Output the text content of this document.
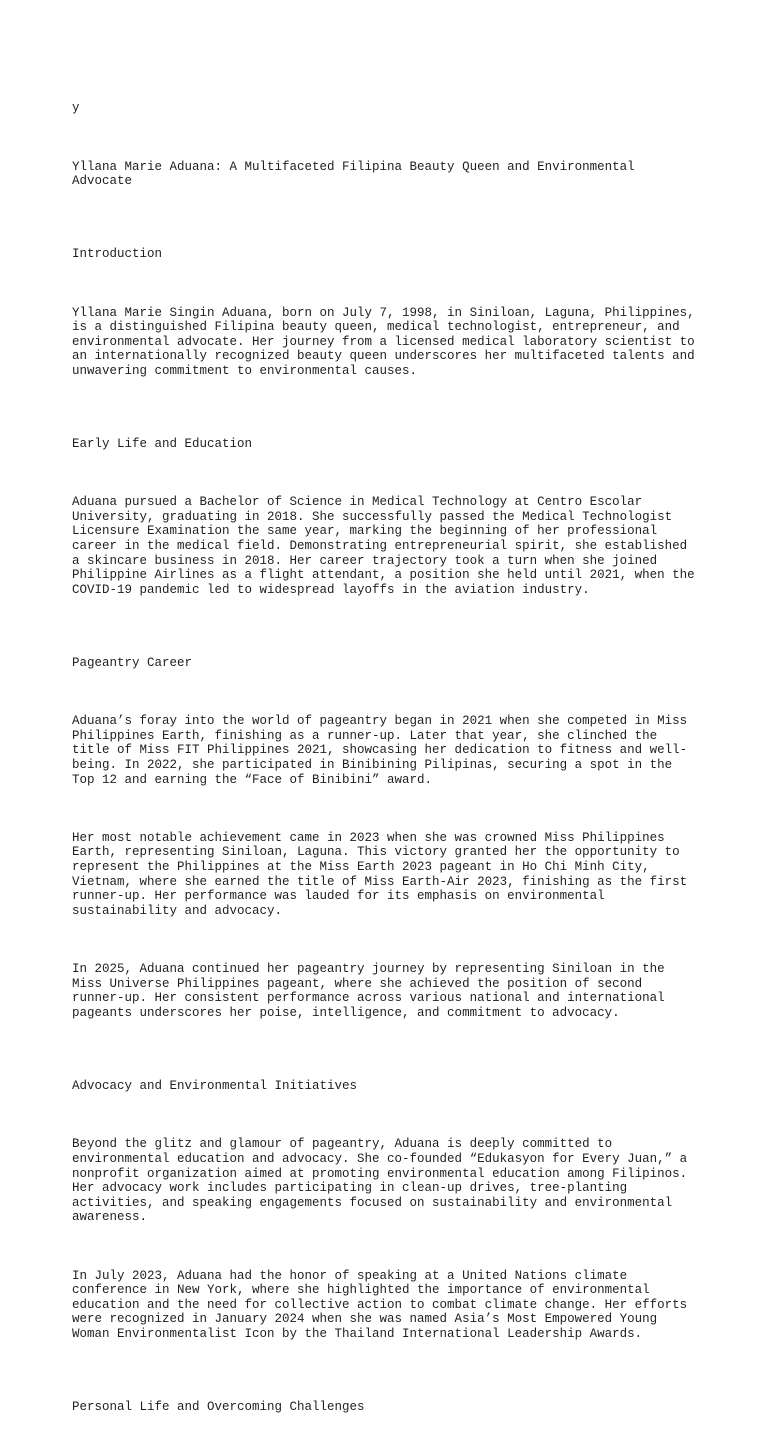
y

Yllana Marie Aduana: A Multifaceted Filipina Beauty Queen and Environmental
Advocate

Introduction

Yllana Marie Singin Aduana, born on July 7, 1998, in Siniloan, Laguna, Philippines,
is a distinguished Filipina beauty queen, medical technologist, entrepreneur, and
environmental advocate. Her journey from a licensed medical laboratory scientist to
an internationally recognized beauty queen underscores her multifaceted talents and
unwavering commitment to environmental causes.

Early Life and Education

Aduana pursued a Bachelor of Science in Medical Technology at Centro Escolar
University, graduating in 2018. She successfully passed the Medical Technologist
Licensure Examination the same year, marking the beginning of her professional
career in the medical field. Demonstrating entrepreneurial spirit, she established
a skincare business in 2018. Her career trajectory took a turn when she joined
Philippine Airlines as a flight attendant, a position she held until 2021, when the
COVID-19 pandemic led to widespread layoffs in the aviation industry.

Pageantry Career

Aduana’s foray into the world of pageantry began in 2021 when she competed in Miss
Philippines Earth, finishing as a runner-up. Later that year, she clinched the
title of Miss FIT Philippines 2021, showcasing her dedication to fitness and well-
being. In 2022, she participated in Binibining Pilipinas, securing a spot in the
Top 12 and earning the “Face of Binibini” award.

Her most notable achievement came in 2023 when she was crowned Miss Philippines
Earth, representing Siniloan, Laguna. This victory granted her the opportunity to
represent the Philippines at the Miss Earth 2023 pageant in Ho Chi Minh City,
Vietnam, where she earned the title of Miss Earth-Air 2023, finishing as the first
runner-up. Her performance was lauded for its emphasis on environmental
sustainability and advocacy.

In 2025, Aduana continued her pageantry journey by representing Siniloan in the
Miss Universe Philippines pageant, where she achieved the position of second
runner-up. Her consistent performance across various national and international
pageants underscores her poise, intelligence, and commitment to advocacy.

Advocacy and Environmental Initiatives

Beyond the glitz and glamour of pageantry, Aduana is deeply committed to
environmental education and advocacy. She co-founded “Edukasyon for Every Juan,” a
nonprofit organization aimed at promoting environmental education among Filipinos.
Her advocacy work includes participating in clean-up drives, tree-planting
activities, and speaking engagements focused on sustainability and environmental
awareness.

In July 2023, Aduana had the honor of speaking at a United Nations climate
conference in New York, where she highlighted the importance of environmental
education and the need for collective action to combat climate change. Her efforts
were recognized in January 2024 when she was named Asia’s Most Empowered Young
Woman Environmentalist Icon by the Thailand International Leadership Awards.

Personal Life and Overcoming Challenges
